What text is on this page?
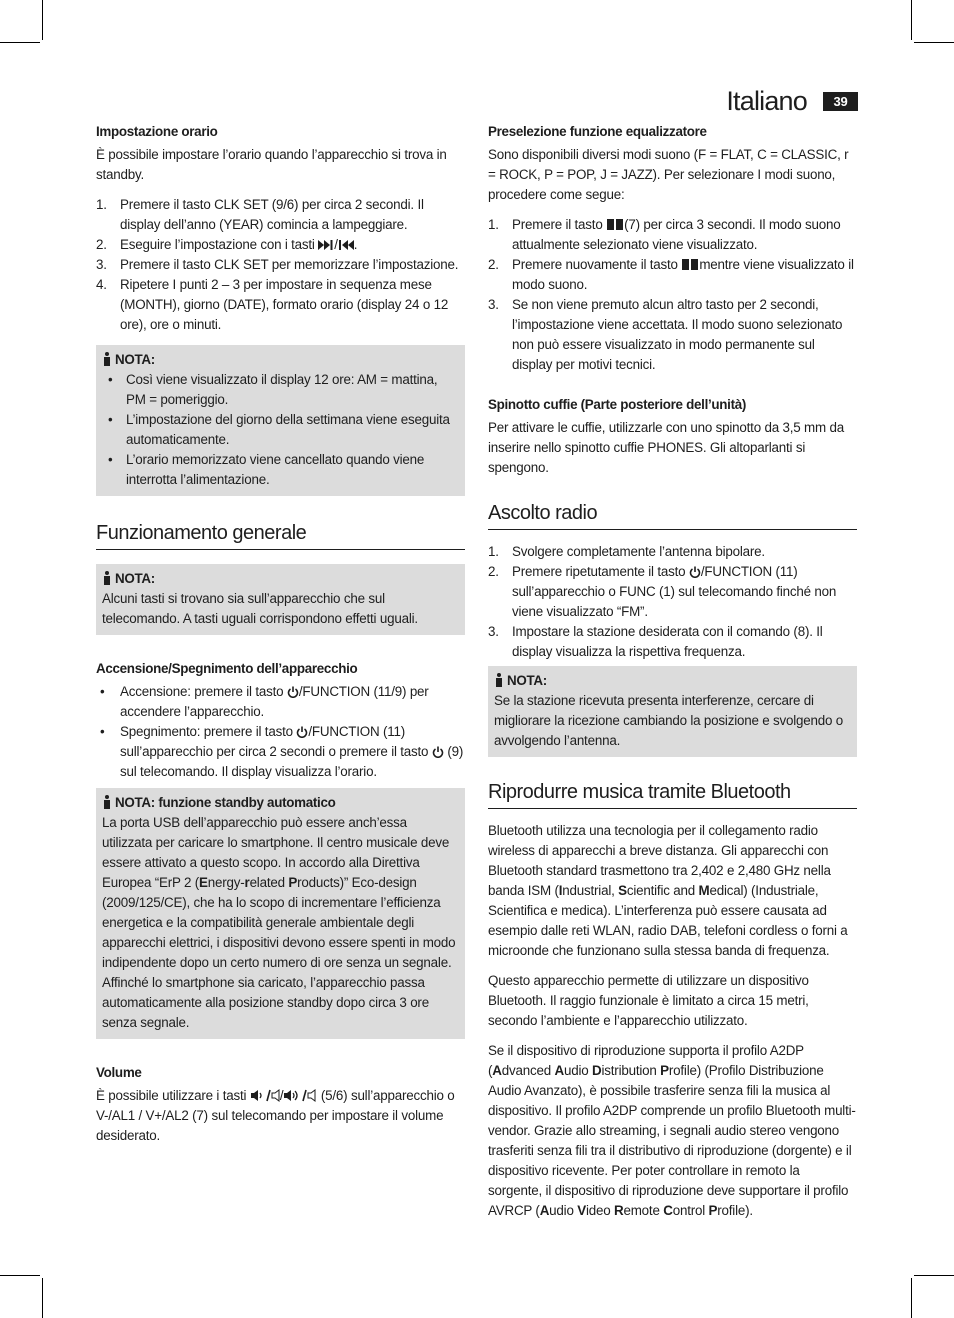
Italiano	39
Impostazione orario

È possibile impostare l’orario quando l’apparecchio si trova in standby.

1. Premere il tasto CLK SET (9/6) per circa 2 secondi. Il display dell’anno (YEAR) comincia a lampeggiare.
2. Eseguire l’impostazione con i tasti / .
3. Premere il tasto CLK SET per memorizzare l’impostazione.
4. Ripetere I punti 2 – 3 per impostare in sequenza mese (MONTH), giorno (DATE), formato orario (display 24 o 12 ore), ore o minuti.
NOTA:
• Così viene visualizzato il display 12 ore: AM = mattina, PM = pomeriggio.
• L’impostazione del giorno della settimana viene eseguita automaticamente.
• L’orario memorizzato viene cancellato quando viene interrotta l’alimentazione.
Funzionamento generale
NOTA:

Alcuni tasti si trovano sia sull’apparecchio che sul telecomando. A tasti uguali corrispondono effetti uguali.

Accensione/Spegnimento dell’apparecchio
• Accensione: premere il tasto /FUNCTION (11/9) per accendere l’apparecchio.
• Spegnimento: premere il tasto /FUNCTION (11) sull’apparecchio per circa 2 secondi o premere il tasto (9) sul telecomando. Il display visualizza l’orario.
NOTA: funzione standby automatico

La porta USB dell’apparecchio può essere anch’essa utilizzata per caricare lo smartphone. Il centro musicale deve essere attivato a questo scopo. In accordo alla Direttiva Europea “ErP 2 (Energy-related Products)” Eco-design (2009/125/CE), che ha lo scopo di incrementare l’efficienza energetica e la compatibilità generale ambientale degli apparecchi elettrici, i dispositivi devono essere spenti in modo indipendente dopo un certo numero di ore senza un segnale. Affinché lo smartphone sia caricato, l’apparecchio passa automaticamente alla posizione standby dopo circa 3 ore senza segnale.

Volume

È possibile utilizzare i tasti	/	(5/6) sull’apparecchio o V-/AL1 / V+/AL2 (7) sul telecomando per impostare il volume desiderato.

Preselezione funzione equalizzatore

Sono disponibili diversi modi suono (F = FLAT, C = CLASSIC, r = ROCK, P = POP, J = JAZZ). Per selezionare I modi suono, procedere come segue:

1. Premere il tasto (7) per circa 3 secondi. Il modo suono attualmente selezionato viene visualizzato.
2. Premere nuovamente il tasto mentre viene visualizzato il modo suono.
3. Se non viene premuto alcun altro tasto per 2 secondi, l’impostazione viene accettata. Il modo suono selezionato non può essere visualizzato in modo permanente sul display per motivi tecnici.
Spinotto cuffie (Parte posteriore dell’unità)

Per attivare le cuffie, utilizzarle con uno spinotto da 3,5 mm da inserire nello spinotto cuffie PHONES. Gli altoparlanti si spengono.

Ascolto radio
1. Svolgere completamente l’antenna bipolare.
2. Premere ripetutamente il tasto /FUNCTION (11) sull’apparecchio o FUNC (1) sul telecomando finché non viene visualizzato “FM”.
3. Impostare la stazione desiderata con il comando (8). Il display visualizza la rispettiva frequenza.
NOTA:

Se la stazione ricevuta presenta interferenze, cercare di migliorare la ricezione cambiando la posizione e svolgendo o avvolgendo l’antenna.

Riprodurre musica tramite Bluetooth

Bluetooth utilizza una tecnologia per il collegamento radio wireless di apparecchi a breve distanza. Gli apparecchi con Bluetooth standard trasmettono tra 2,402 e 2,480 GHz nella banda ISM (Industrial, Scientific and Medical) (Industriale, Scientifica e medica). L’interferenza può essere causata ad esempio dalle reti WLAN, radio DAB, telefoni cordless o forni a microonde che funzionano sulla stessa banda di frequenza.

Questo apparecchio permette di utilizzare un dispositivo Bluetooth. Il raggio funzionale è limitato a circa 15 metri, secondo l’ambiente e l’apparecchio utilizzato.

Se il dispositivo di riproduzione supporta il profilo A2DP (Advanced Audio Distribution Profile) (Profilo Distribuzione Audio Avanzato), è possibile trasferire senza fili la musica al dispositivo. Il profilo A2DP comprende un profilo Bluetooth multi-vendor. Grazie allo streaming, i segnali audio stereo vengono trasferiti senza fili tra il distributivo di riproduzione (dorgente) e il dispositivo ricevente. Per poter controllare in remoto la sorgente, il dispositivo di riproduzione deve supportare il profilo AVRCP (Audio Video Remote Control Profile).
